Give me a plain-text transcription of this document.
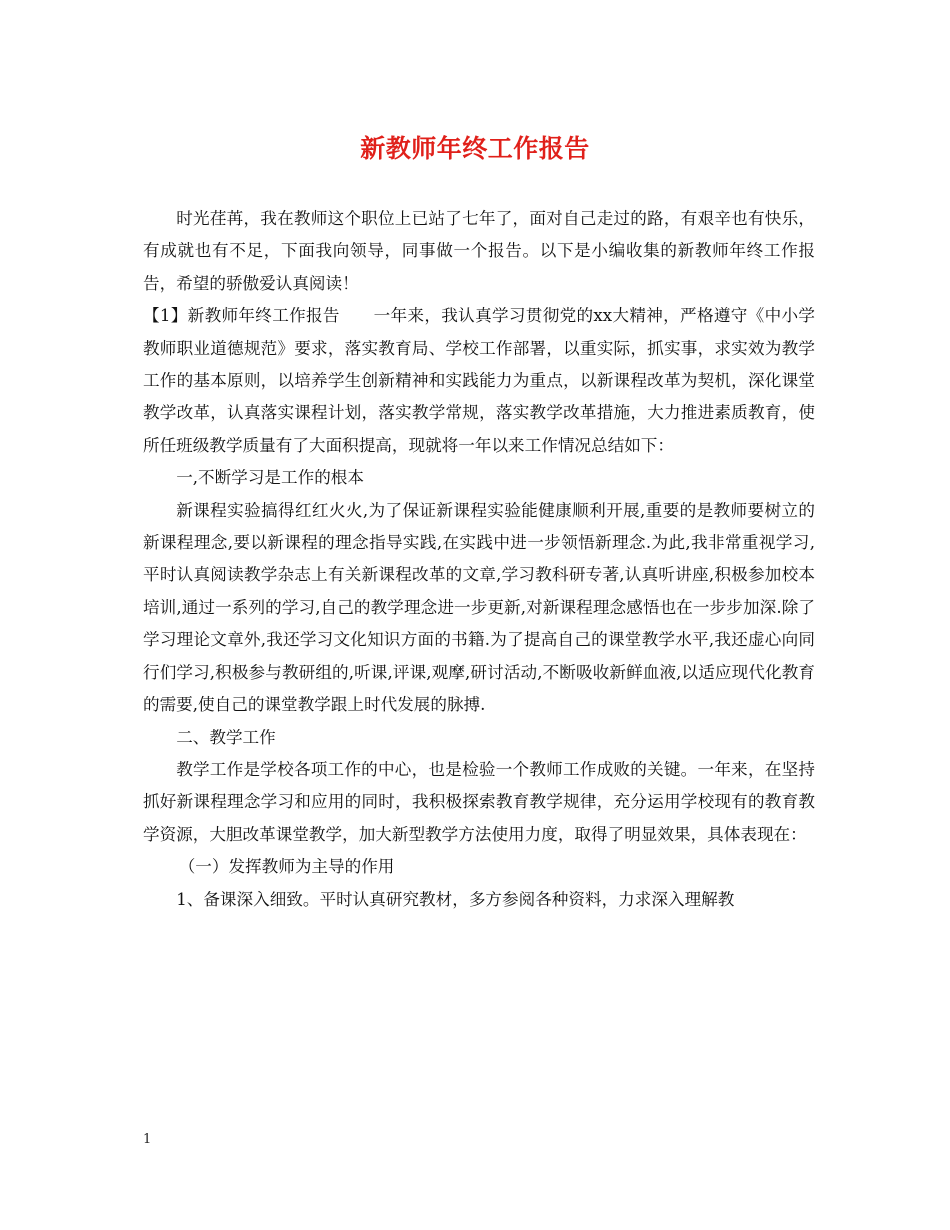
新教师年终工作报告

时光荏苒，我在教师这个职位上已站了七年了，面对自己走过的路，有艰辛也有快乐，有成就也有不足，下面我向领导，同事做一个报告。以下是小编收集的新教师年终工作报告，希望的骄傲爱认真阅读！

【1】新教师年终工作报告　　一年来，我认真学习贯彻党的xx大精神，严格遵守《中小学教师职业道德规范》要求，落实教育局、学校工作部署，以重实际，抓实事，求实效为教学工作的基本原则，以培养学生创新精神和实践能力为重点，以新课程改革为契机，深化课堂教学改革，认真落实课程计划，落实教学常规，落实教学改革措施，大力推进素质教育，使所任班级教学质量有了大面积提高，现就将一年以来工作情况总结如下：

一,不断学习是工作的根本

新课程实验搞得红红火火,为了保证新课程实验能健康顺利开展,重要的是教师要树立的新课程理念,要以新课程的理念指导实践,在实践中进一步领悟新理念.为此,我非常重视学习,平时认真阅读教学杂志上有关新课程改革的文章,学习教科研专著,认真听讲座,积极参加校本培训,通过一系列的学习,自己的教学理念进一步更新,对新课程理念感悟也在一步步加深.除了学习理论文章外,我还学习文化知识方面的书籍.为了提高自己的课堂教学水平,我还虚心向同行们学习,积极参与教研组的,听课,评课,观摩,研讨活动,不断吸收新鲜血液,以适应现代化教育的需要,使自己的课堂教学跟上时代发展的脉搏.

二、教学工作

教学工作是学校各项工作的中心，也是检验一个教师工作成败的关键。一年来，在坚持抓好新课程理念学习和应用的同时，我积极探索教育教学规律，充分运用学校现有的教育教学资源，大胆改革课堂教学，加大新型教学方法使用力度，取得了明显效果，具体表现在：

（一）发挥教师为主导的作用

1、备课深入细致。平时认真研究教材，多方参阅各种资料，力求深入理解教

1
